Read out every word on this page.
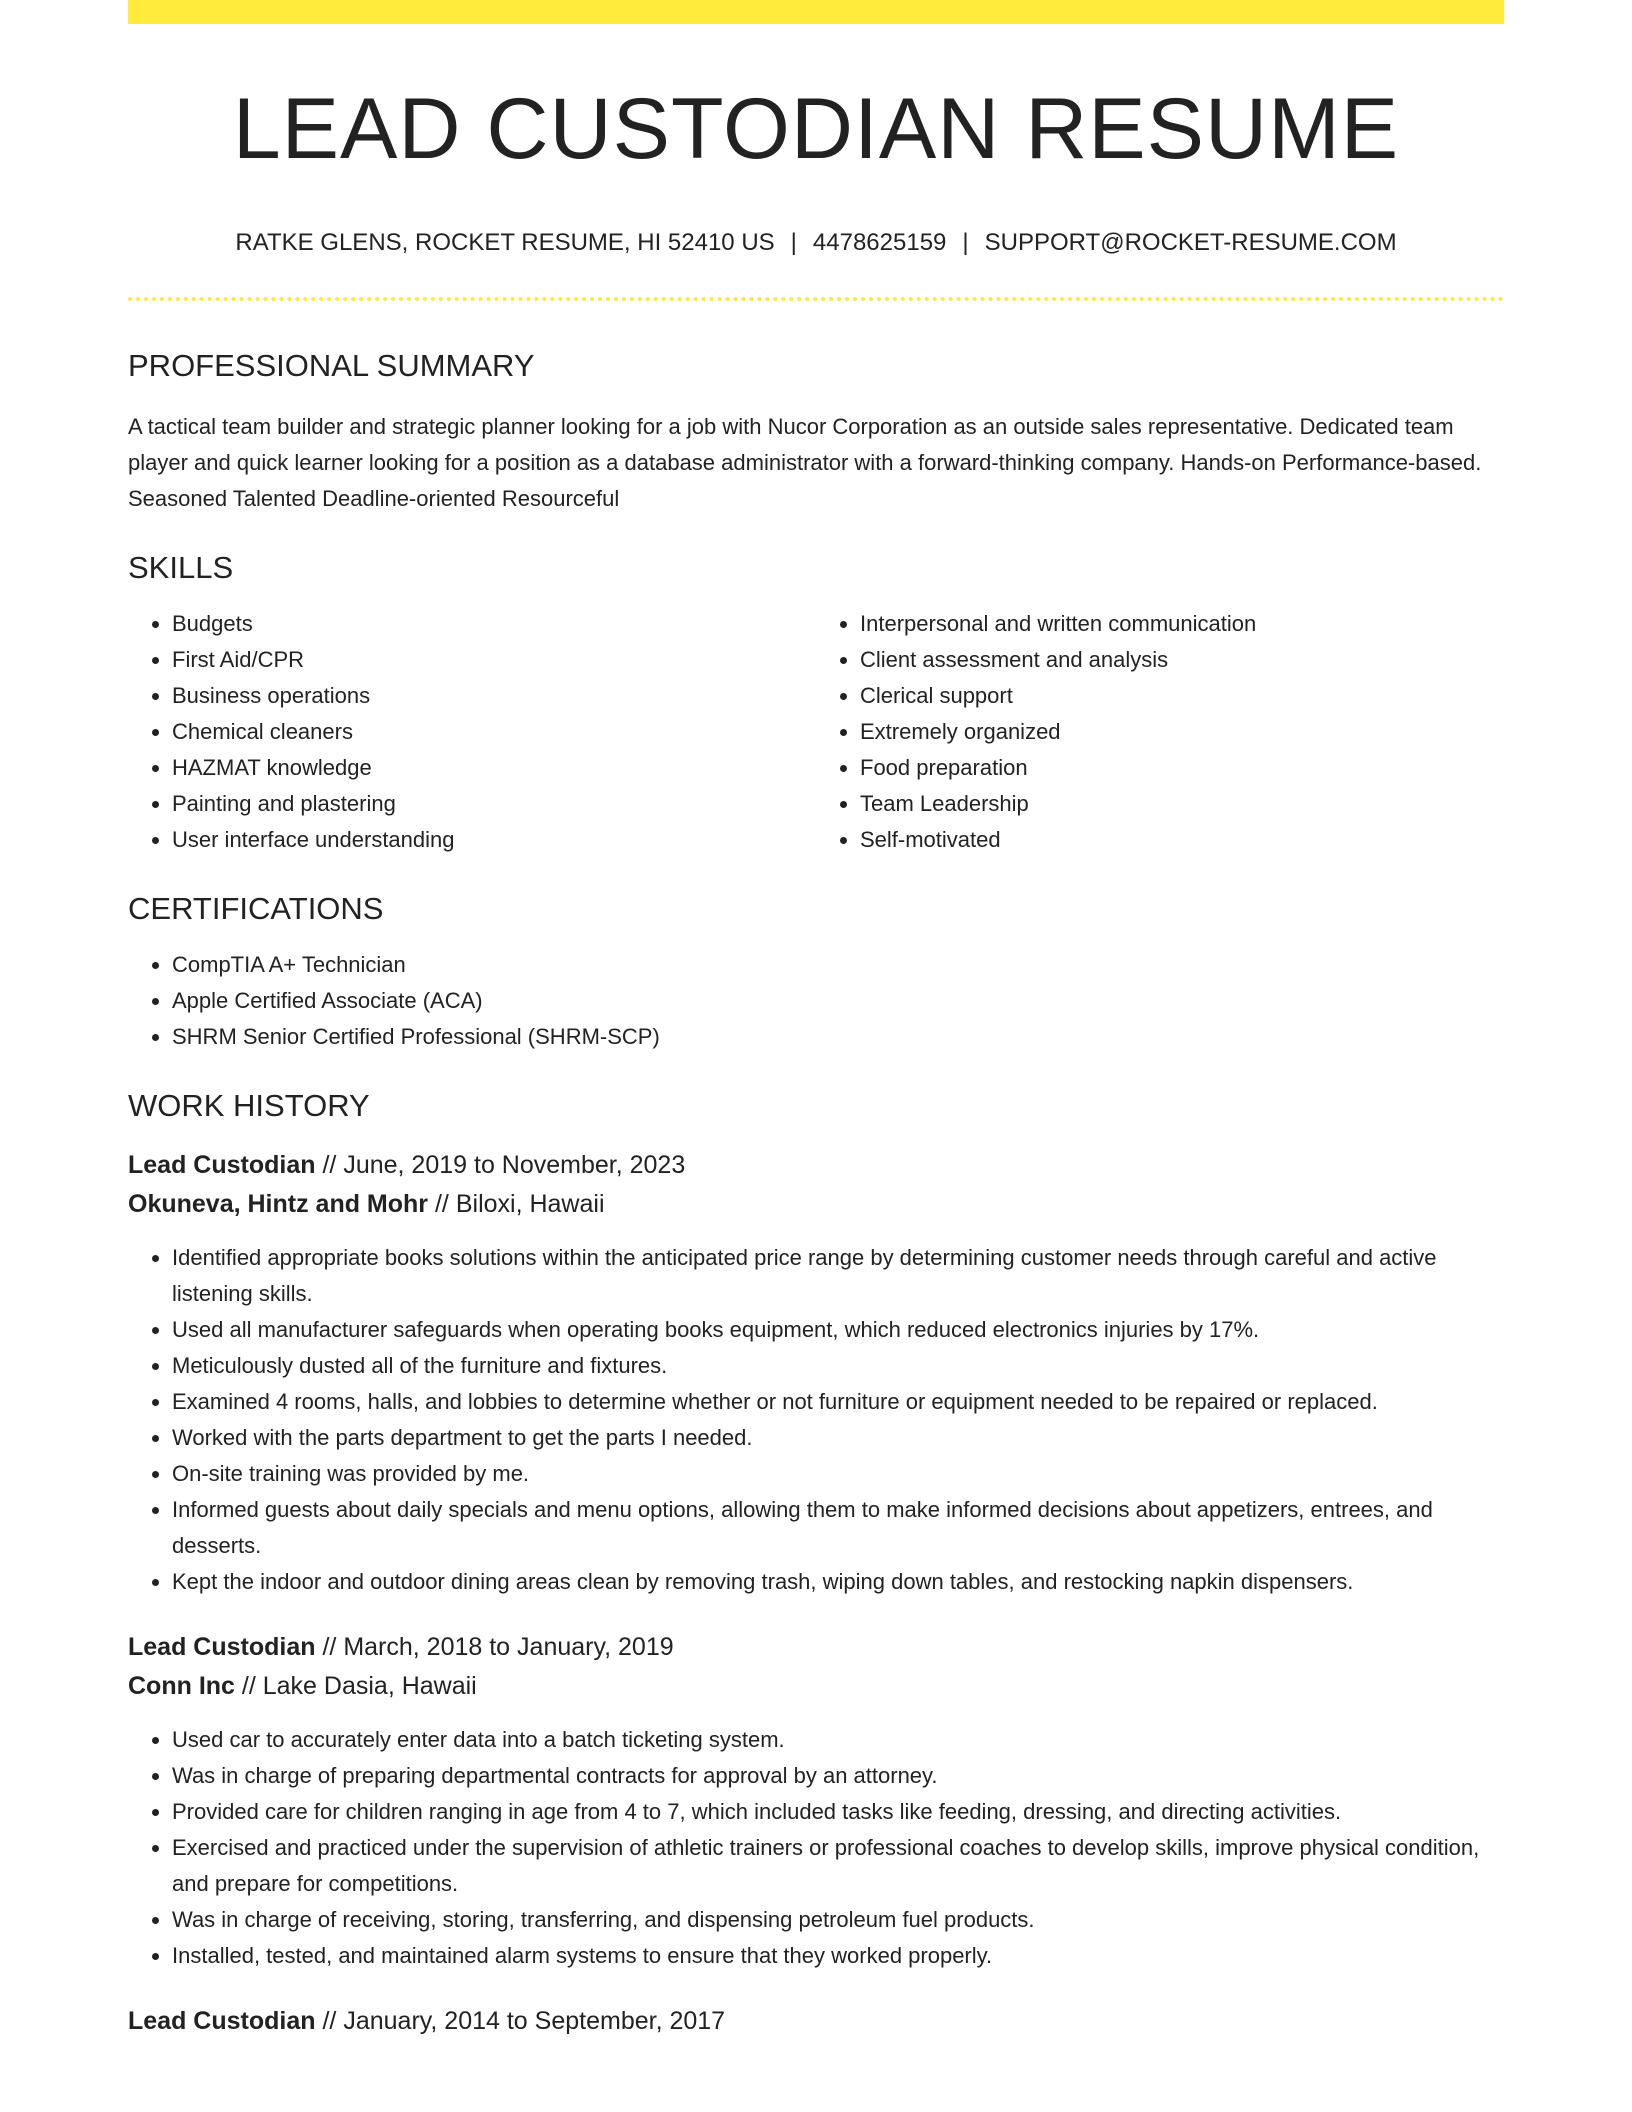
LEAD CUSTODIAN RESUME
RATKE GLENS, ROCKET RESUME, HI 52410 US | 4478625159 | SUPPORT@ROCKET-RESUME.COM
PROFESSIONAL SUMMARY

A tactical team builder and strategic planner looking for a job with Nucor Corporation as an outside sales representative. Dedicated team player and quick learner looking for a position as a database administrator with a forward-thinking company. Hands-on Performance-based. Seasoned Talented Deadline-oriented Resourceful

SKILLS
• Budgets
• First Aid/CPR
• Business operations
• Chemical cleaners
• HAZMAT knowledge
• Painting and plastering
• User interface understanding
• Interpersonal and written communication
• Client assessment and analysis
• Clerical support
• Extremely organized
• Food preparation
• Team Leadership
• Self-motivated
CERTIFICATIONS
• CompTIA A+ Technician
• Apple Certified Associate (ACA)
• SHRM Senior Certified Professional (SHRM-SCP)
WORK HISTORY
Lead Custodian // June, 2019 to November, 2023
Okuneva, Hintz and Mohr // Biloxi, Hawaii
• Identified appropriate books solutions within the anticipated price range by determining customer needs through careful and active listening skills.
• Used all manufacturer safeguards when operating books equipment, which reduced electronics injuries by 17%.
• Meticulously dusted all of the furniture and fixtures.
• Examined 4 rooms, halls, and lobbies to determine whether or not furniture or equipment needed to be repaired or replaced.
• Worked with the parts department to get the parts I needed.
• On-site training was provided by me.
• Informed guests about daily specials and menu options, allowing them to make informed decisions about appetizers, entrees, and desserts.
• Kept the indoor and outdoor dining areas clean by removing trash, wiping down tables, and restocking napkin dispensers.
Lead Custodian // March, 2018 to January, 2019
Conn Inc // Lake Dasia, Hawaii
• Used car to accurately enter data into a batch ticketing system.
• Was in charge of preparing departmental contracts for approval by an attorney.
• Provided care for children ranging in age from 4 to 7, which included tasks like feeding, dressing, and directing activities.
• Exercised and practiced under the supervision of athletic trainers or professional coaches to develop skills, improve physical condition, and prepare for competitions.
• Was in charge of receiving, storing, transferring, and dispensing petroleum fuel products.
• Installed, tested, and maintained alarm systems to ensure that they worked properly.
Lead Custodian // January, 2014 to September, 2017
